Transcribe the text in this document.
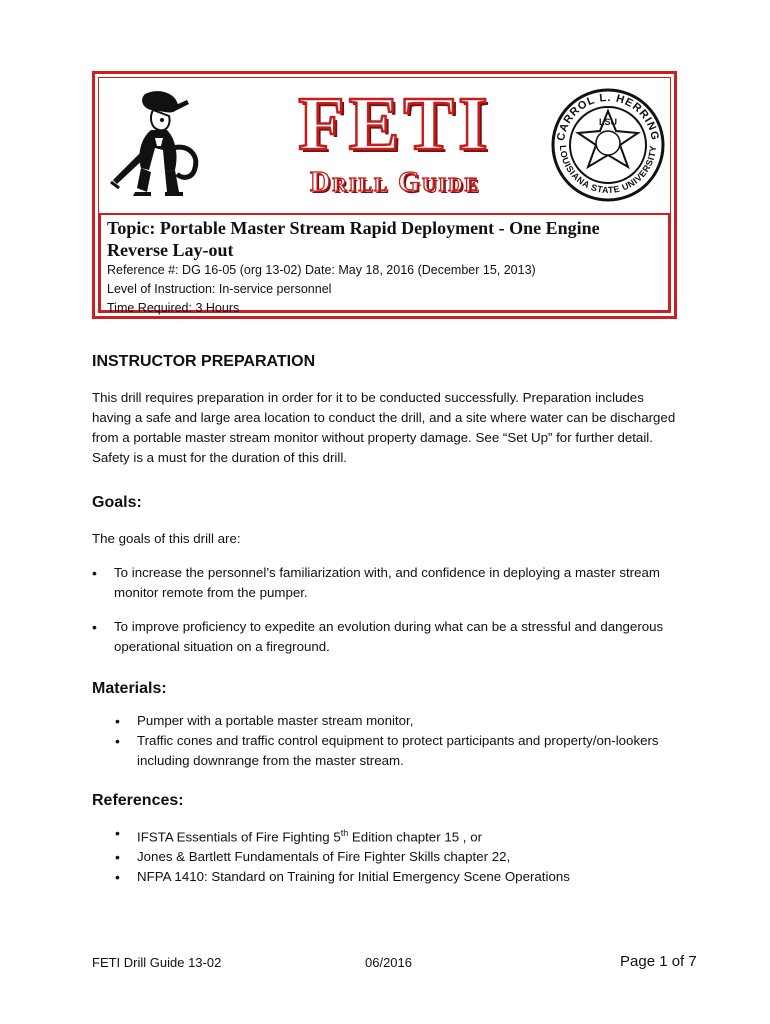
FETI
Drill Guide
CARROL L. HERRING
LOUISIANA STATE UNIVERSITY
LSU

Topic: Portable Master Stream Rapid Deployment - One Engine Reverse Lay-out

Reference #: DG 16-05 (org 13-02) Date: May 18, 2016 (December 15, 2013)

Level of Instruction: In-service personnel

Time Required: 3 Hours

INSTRUCTOR PREPARATION

This drill requires preparation in order for it to be conducted successfully. Preparation includes having a safe and large area location to conduct the drill, and a site where water can be discharged from a portable master stream monitor without property damage. See “Set Up” for further detail. Safety is a must for the duration of this drill.

Goals:

The goals of this drill are:

• To increase the personnel’s familiarization with, and confidence in deploying a master stream monitor remote from the pumper.
• To improve proficiency to expedite an evolution during what can be a stressful and dangerous operational situation on a fireground.
Materials:
• Pumper with a portable master stream monitor,
• Traffic cones and traffic control equipment to protect participants and property/on-lookers including downrange from the master stream.
References:
• IFSTA Essentials of Fire Fighting 5th Edition chapter 15 , or
• Jones & Bartlett Fundamentals of Fire Fighter Skills chapter 22,
• NFPA 1410: Standard on Training for Initial Emergency Scene Operations
FETI Drill Guide 13-02	06/2016	Page 1 of 7
